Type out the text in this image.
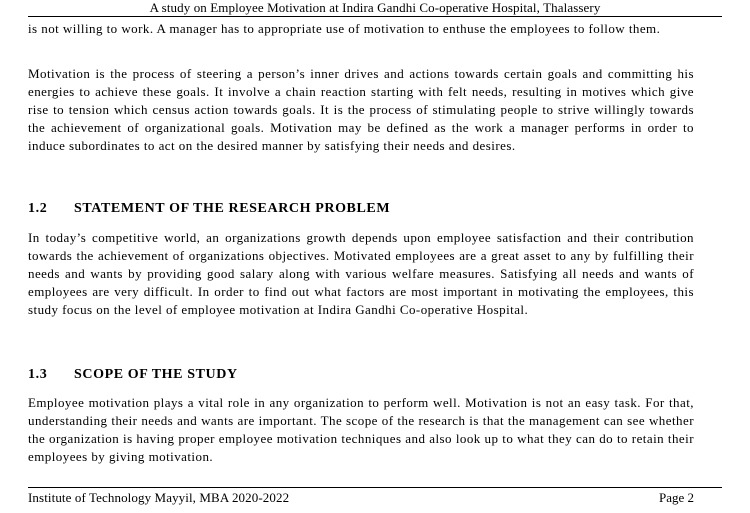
A study on Employee Motivation at Indira Gandhi Co-operative Hospital, Thalassery

is not willing to work. A manager has to appropriate use of motivation to enthuse the employees to follow them.

Motivation is the process of steering a person’s inner drives and actions towards certain goals and committing his energies to achieve these goals. It involve a chain reaction starting with felt needs, resulting in motives which give rise to tension which census action towards goals. It is the process of stimulating people to strive willingly towards the achievement of organizational goals. Motivation may be defined as the work a manager performs in order to induce subordinates to act on the desired manner by satisfying their needs and desires.

1.2 STATEMENT OF THE RESEARCH PROBLEM

In today’s competitive world, an organizations growth depends upon employee satisfaction and their contribution towards the achievement of organizations objectives. Motivated employees are a great asset to any by fulfilling their needs and wants by providing good salary along with various welfare measures. Satisfying all needs and wants of employees are very difficult. In order to find out what factors are most important in motivating the employees, this study focus on the level of employee motivation at Indira Gandhi Co-operative Hospital.

1.3 SCOPE OF THE STUDY

Employee motivation plays a vital role in any organization to perform well. Motivation is not an easy task. For that, understanding their needs and wants are important. The scope of the research is that the management can see whether the organization is having proper employee motivation techniques and also look up to what they can do to retain their employees by giving motivation.

Institute of Technology Mayyil, MBA 2020-2022	Page 2
